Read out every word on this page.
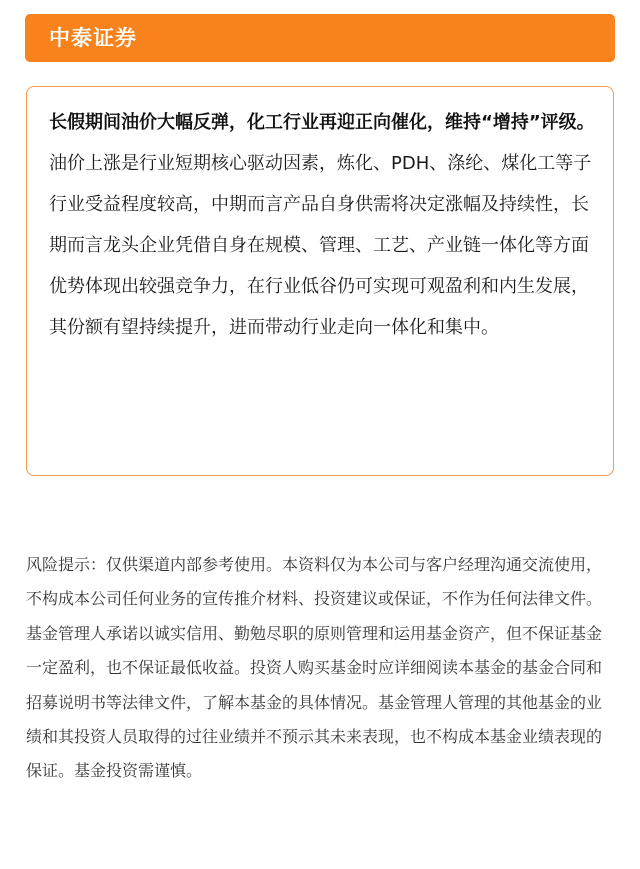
中泰证券

长假期间油价大幅反弹，化工行业再迎正向催化，维持“增持”评级。油价上涨是行业短期核心驱动因素，炼化、PDH、涤纶、煤化工等子行业受益程度较高，中期而言产品自身供需将决定涨幅及持续性，长期而言龙头企业凭借自身在规模、管理、工艺、产业链一体化等方面优势体现出较强竞争力，在行业低谷仍可实现可观盈利和内生发展，其份额有望持续提升，进而带动行业走向一体化和集中。

风险提示：仅供渠道内部参考使用。本资料仅为本公司与客户经理沟通交流使用，不构成本公司任何业务的宣传推介材料、投资建议或保证，不作为任何法律文件。基金管理人承诺以诚实信用、勤勉尽职的原则管理和运用基金资产，但不保证基金一定盈利，也不保证最低收益。投资人购买基金时应详细阅读本基金的基金合同和招募说明书等法律文件，了解本基金的具体情况。基金管理人管理的其他基金的业绩和其投资人员取得的过往业绩并不预示其未来表现，也不构成本基金业绩表现的保证。基金投资需谨慎。
